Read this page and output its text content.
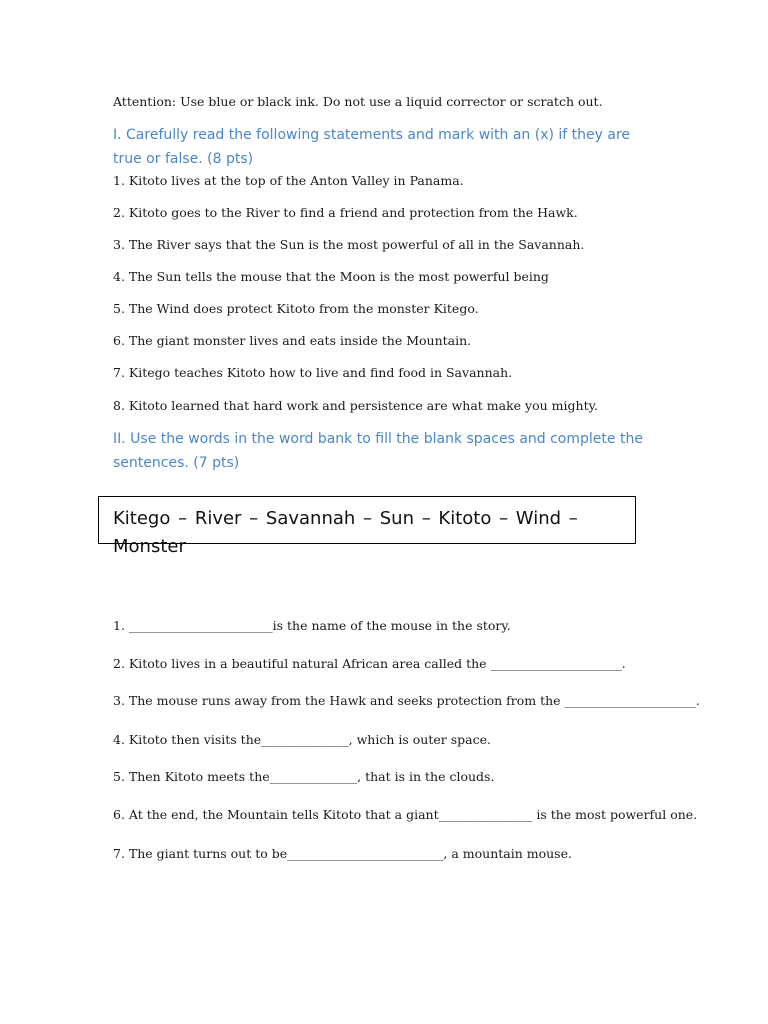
Attention: Use blue or black ink. Do not use a liquid corrector or scratch out.
I. Carefully read the following statements and mark with an (x) if they are true or false. (8 pts)
1. Kitoto lives at the top of the Anton Valley in Panama.
2. Kitoto goes to the River to find a friend and protection from the Hawk.
3. The River says that the Sun is the most powerful of all in the Savannah.
4. The Sun tells the mouse that the Moon is the most powerful being
5. The Wind does protect Kitoto from the monster Kitego.
6. The giant monster lives and eats inside the Mountain.
7. Kitego teaches Kitoto how to live and find food in Savannah.
8. Kitoto learned that hard work and persistence are what make you mighty.
II. Use the words in the word bank to fill the blank spaces and complete the sentences. (7 pts)
Kitego – River – Savannah – Sun – Kitoto – Wind – Monster
1. _______________________is the name of the mouse in the story.
2. Kitoto lives in a beautiful natural African area called the _____________________.
3. The mouse runs away from the Hawk and seeks protection from the _____________________.
4. Kitoto then visits the______________, which is outer space.
5. Then Kitoto meets the______________, that is in the clouds.
6. At the end, the Mountain tells Kitoto that a giant_______________ is the most powerful one.
7. The giant turns out to be_________________________, a mountain mouse.
